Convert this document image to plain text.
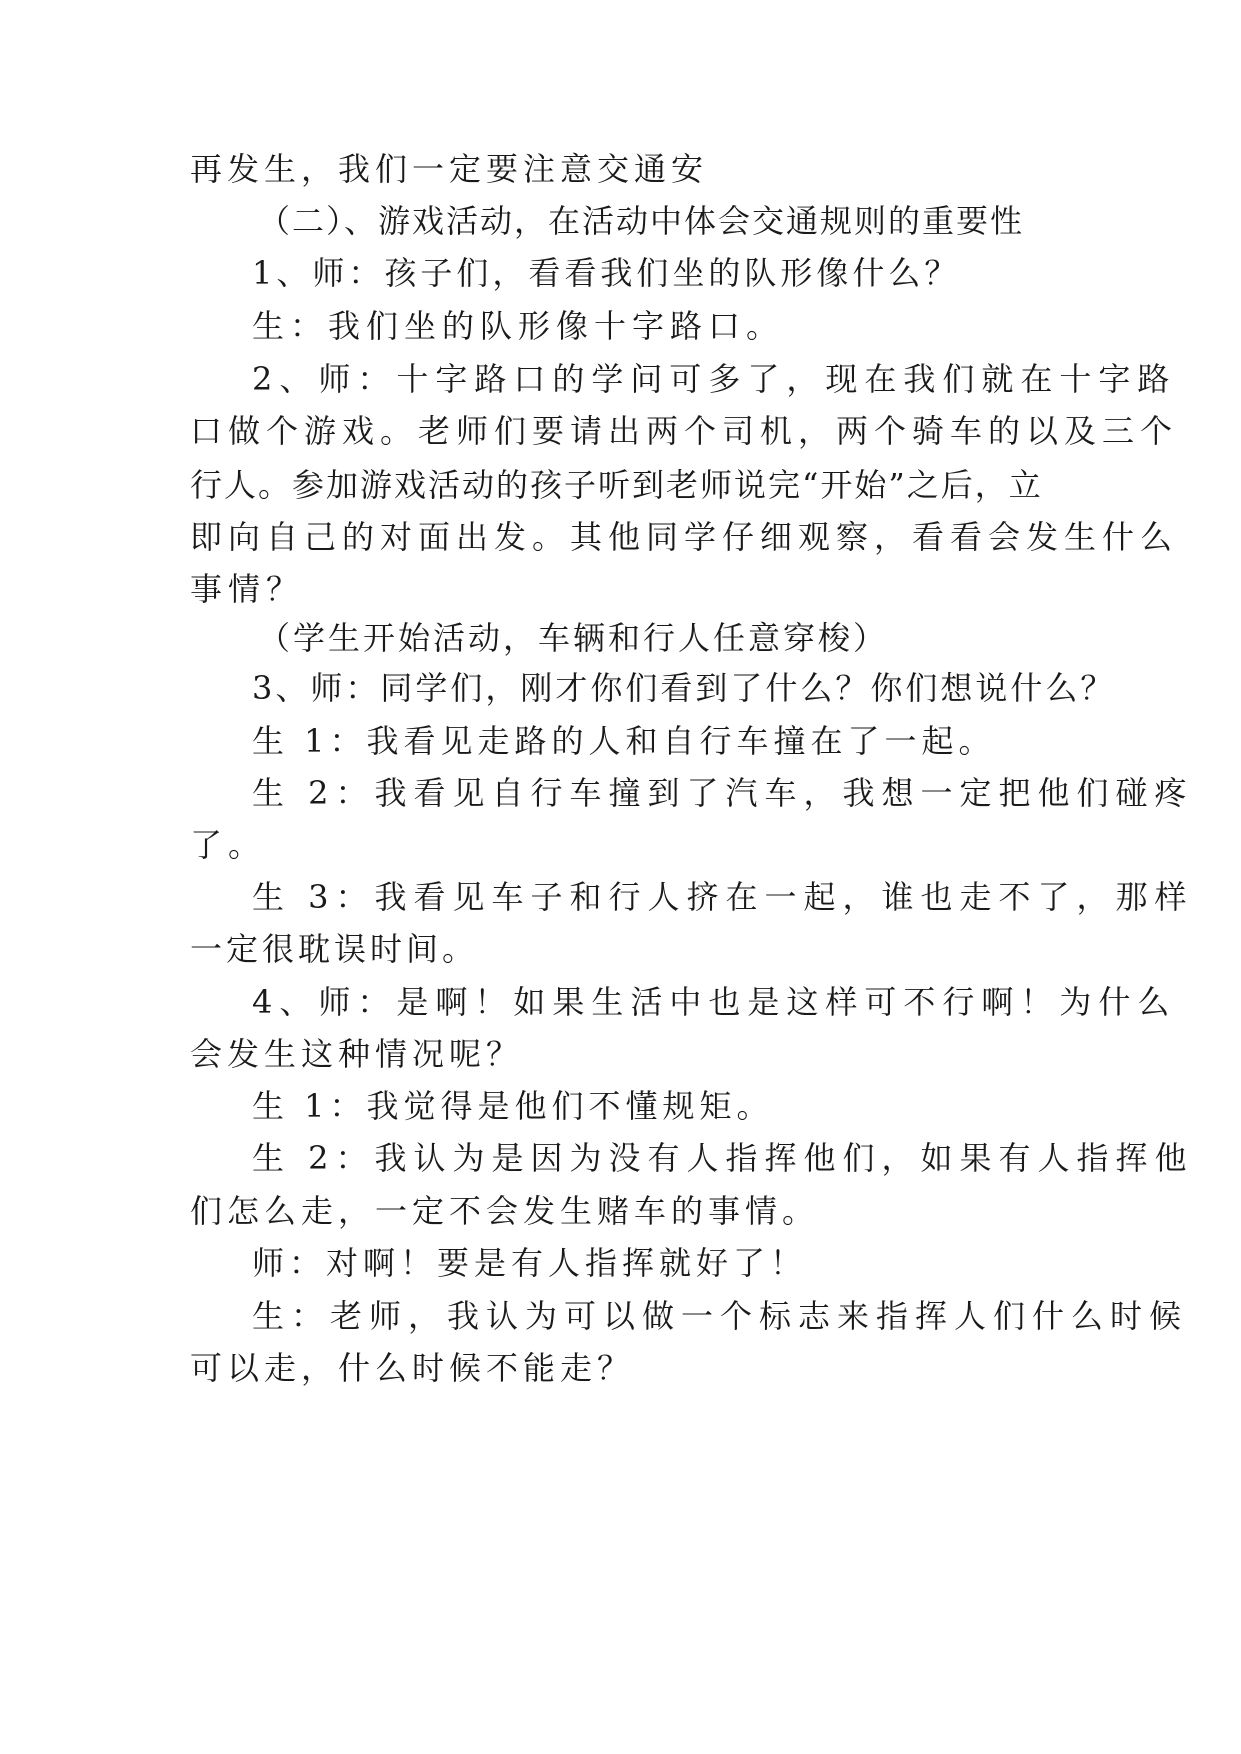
再发生，我们一定要注意交通安
（二）、游戏活动，在活动中体会交通规则的重要性
1、师：孩子们，看看我们坐的队形像什么？
生：我们坐的队形像十字路口。
2、师：十字路口的学问可多了，现在我们就在十字路
口做个游戏。老师们要请出两个司机，两个骑车的以及三个
行人。参加游戏活动的孩子听到老师说完“开始”之后，立
即向自己的对面出发。其他同学仔细观察，看看会发生什么
事情？
（学生开始活动，车辆和行人任意穿梭）
3、师：同学们，刚才你们看到了什么？你们想说什么？
生 1：我看见走路的人和自行车撞在了一起。
生 2：我看见自行车撞到了汽车，我想一定把他们碰疼
了。
生 3：我看见车子和行人挤在一起，谁也走不了，那样
一定很耽误时间。
4、师：是啊！如果生活中也是这样可不行啊！为什么
会发生这种情况呢？
生 1：我觉得是他们不懂规矩。
生 2：我认为是因为没有人指挥他们，如果有人指挥他
们怎么走，一定不会发生赌车的事情。
师：对啊！要是有人指挥就好了！
生：老师，我认为可以做一个标志来指挥人们什么时候
可以走，什么时候不能走？
